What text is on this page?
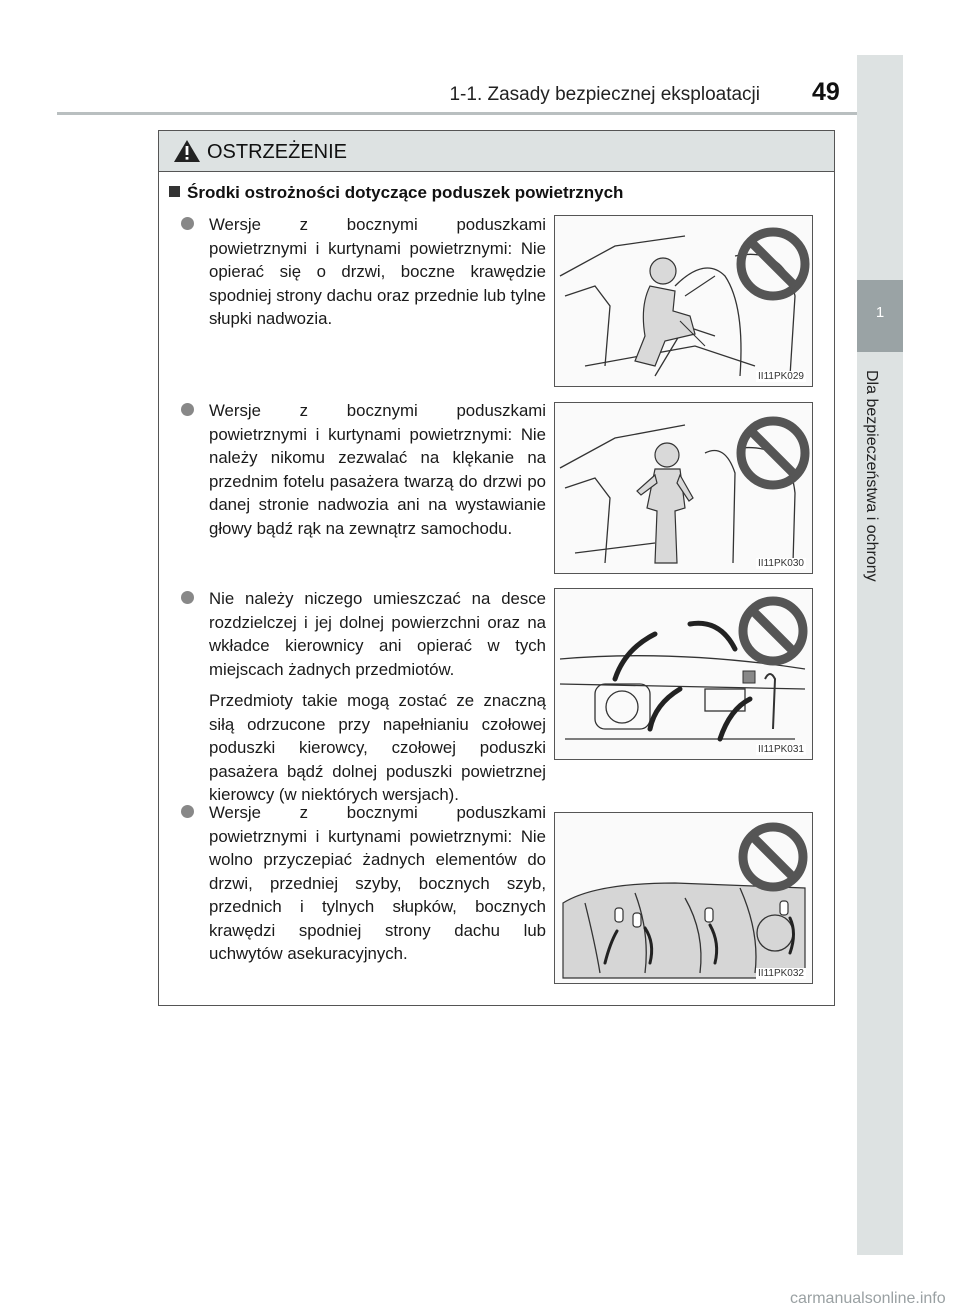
1-1. Zasady bezpiecznej eksploatacji 49
1
Dla bezpieczeństwa i ochrony
OSTRZEŻENIE
Środki ostrożności dotyczące poduszek powietrznych

Wersje z bocznymi poduszkami powietrznymi i kurtynami powietrznymi: Nie opierać się o drzwi, boczne krawędzie spodniej strony dachu oraz przednie lub tylne słupki nadwozia.

Wersje z bocznymi poduszkami powietrznymi i kurtynami powietrznymi: Nie należy nikomu zezwalać na klękanie na przednim fotelu pasażera twarzą do drzwi po danej stronie nadwozia ani na wystawianie głowy bądź rąk na zewnątrz samochodu.

Nie należy niczego umieszczać na desce rozdzielczej i jej dolnej powierzchni oraz na wkładce kierownicy ani opierać w tych miejscach żadnych przedmiotów.

Przedmioty takie mogą zostać ze znaczną siłą odrzucone przy napełnianiu czołowej poduszki kierowcy, czołowej poduszki pasażera bądź dolnej poduszki powietrznej kierowcy (w niektórych wersjach).

Wersje z bocznymi poduszkami powietrznymi i kurtynami powietrznymi: Nie wolno przyczepiać żadnych elementów do drzwi, przedniej szyby, bocznych szyb, przednich i tylnych słupków, bocznych krawędzi spodniej strony dachu lub uchwytów asekuracyjnych.

II11PK029
II11PK030
II11PK031
II11PK032
carmanualsonline.info
